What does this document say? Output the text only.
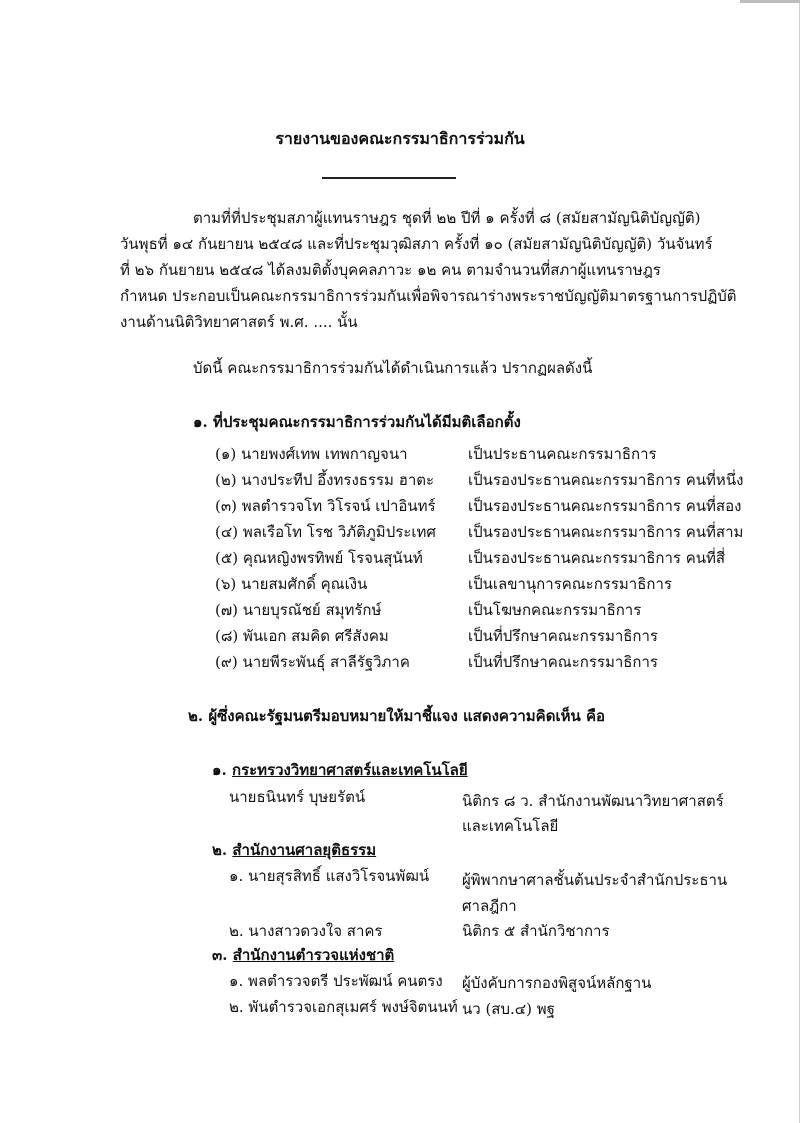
รายงานของคณะกรรมาธิการร่วมกัน
ตามที่ที่ประชุมสภาผู้แทนราษฎร ชุดที่ ๒๒ ปีที่ ๑ ครั้งที่ ๘ (สมัยสามัญนิติบัญญัติ)
วันพุธที่ ๑๔ กันยายน ๒๕๔๘ และที่ประชุมวุฒิสภา ครั้งที่ ๑๐ (สมัยสามัญนิติบัญญัติ) วันจันทร์
ที่ ๒๖ กันยายน ๒๕๔๘ ได้ลงมติตั้งบุคคลภาวะ ๑๒ คน ตามจำนวนที่สภาผู้แทนราษฎร
กำหนด ประกอบเป็นคณะกรรมาธิการร่วมกันเพื่อพิจารณาร่างพระราชบัญญัติมาตรฐานการปฏิบัติ
งานด้านนิติวิทยาศาสตร์ พ.ศ. .... นั้น
บัดนี้ คณะกรรมาธิการร่วมกันได้ดำเนินการแล้ว ปรากฏผลดังนี้
๑. ที่ประชุมคณะกรรมาธิการร่วมกันได้มีมติเลือกตั้ง
(๑) นายพงศ์เทพ เทพกาญจนา	เป็นประธานคณะกรรมาธิการ
(๒) นางประทีป อึ้งทรงธรรม ฮาตะ เป็นรองประธานคณะกรรมาธิการ คนที่หนึ่ง
(๓) พลตำรวจโท วิโรจน์ เปาอินทร์ เป็นรองประธานคณะกรรมาธิการ คนที่สอง
(๔) พลเรือโท โรช วิภัติภูมิประเทศ เป็นรองประธานคณะกรรมาธิการ คนที่สาม
(๕) คุณหญิงพรทิพย์ โรจนสุนันท์	เป็นรองประธานคณะกรรมาธิการ คนที่สี่
(๖) นายสมศักดิ์ คุณเงิน	เป็นเลขานุการคณะกรรมาธิการ
(๗) นายบุรณัชย์ สมุทรักษ์	เป็นโฆษกคณะกรรมาธิการ
(๘) พันเอก สมคิด ศรีสังคม	เป็นที่ปรึกษาคณะกรรมาธิการ
(๙) นายพีระพันธุ์ สาลีรัฐวิภาค	เป็นที่ปรึกษาคณะกรรมาธิการ
๒. ผู้ซึ่งคณะรัฐมนตรีมอบหมายให้มาชี้แจง แสดงความคิดเห็น คือ
๑. กระทรวงวิทยาศาสตร์และเทคโนโลยี
นายธนินทร์ บุษยรัตน์	นิติกร ๘ ว. สำนักงานพัฒนาวิทยาศาสตร์
และเทคโนโลยี
๒. สำนักงานศาลยุติธรรม
๑. นายสุรสิทธิ์ แสงวิโรจนพัฒน์ ผู้พิพากษาศาลชั้นต้นประจำสำนักประธาน
ศาลฎีกา
๒. นางสาวดวงใจ สาคร	นิติกร ๕ สำนักวิชาการ
๓. สำนักงานตำรวจแห่งชาติ
๑. พลตำรวจตรี ประพัฒน์ คนตรง ผู้บังคับการกองพิสูจน์หลักฐาน
๒. พันตำรวจเอกสุเมศร์ พงษ์จิตนนท์ นว (สบ.๔) พฐ
